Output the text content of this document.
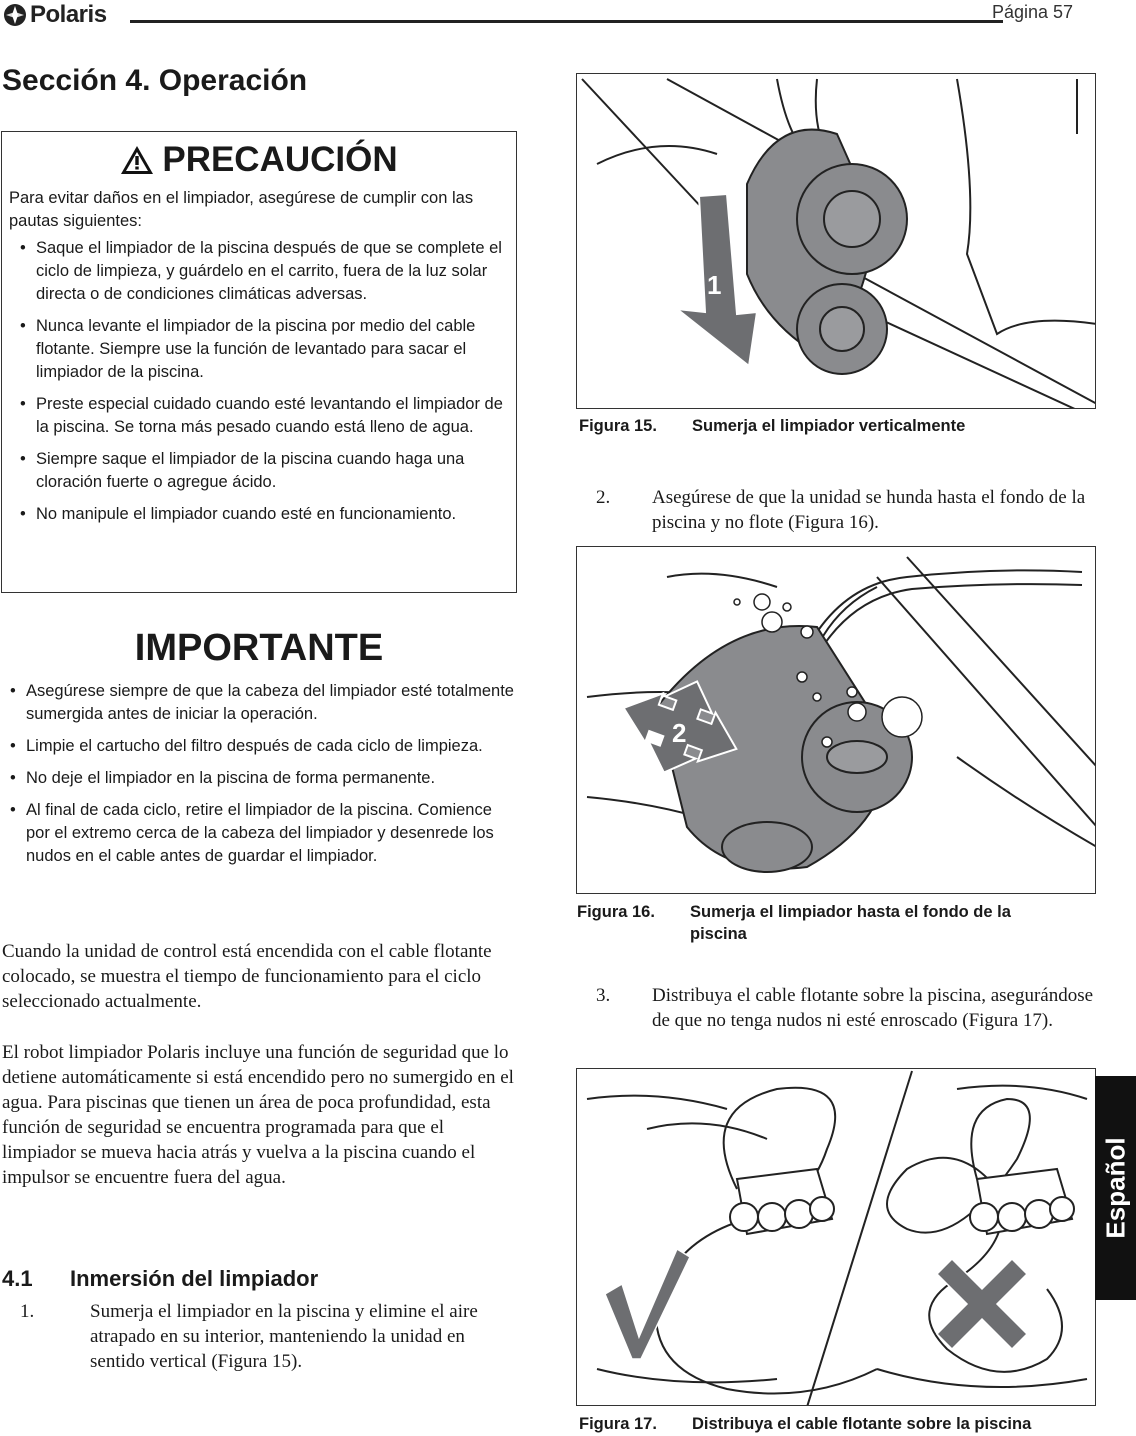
Polaris	Página 57
Sección 4. Operación
PRECAUCIÓN

Para evitar daños en el limpiador, asegúrese de cumplir con las pautas siguientes:

• Saque el limpiador de la piscina después de que se complete el ciclo de limpieza, y guárdelo en el carrito, fuera de la luz solar directa o de condiciones climáticas adversas.
• Nunca levante el limpiador de la piscina por medio del cable flotante. Siempre use la función de levantado para sacar el limpiador de la piscina.
• Preste especial cuidado cuando esté levantando el limpiador de la piscina. Se torna más pesado cuando está lleno de agua.
• Siempre saque el limpiador de la piscina cuando haga una cloración fuerte o agregue ácido.
• No manipule el limpiador cuando esté en funcionamiento.
IMPORTANTE
• Asegúrese siempre de que la cabeza del limpiador esté totalmente sumergida antes de iniciar la operación.
• Limpie el cartucho del filtro después de cada ciclo de limpieza.
• No deje el limpiador en la piscina de forma permanente.
• Al final de cada ciclo, retire el limpiador de la piscina. Comience por el extremo cerca de la cabeza del limpiador y desenrede los nudos en el cable antes de guardar el limpiador.

Cuando la unidad de control está encendida con el cable flotante colocado, se muestra el tiempo de funcionamiento para el ciclo seleccionado actualmente.

El robot limpiador Polaris incluye una función de seguridad que lo detiene automáticamente si está encendido pero no sumergido en el agua. Para piscinas que tienen un área de poca profundidad, esta función de seguridad se encuentra programada para que el limpiador se mueva hacia atrás y vuelva a la piscina cuando el impulsor se encuentre fuera del agua.

4.1 Inmersión del limpiador
1.	Sumerja el limpiador en la piscina y elimine el aire atrapado en su interior, manteniendo la unidad en sentido vertical (Figura 15).
1
Figura 15.	Sumerja el limpiador verticalmente
2.	Asegúrese de que la unidad se hunda hasta el fondo de la piscina y no flote (Figura 16).
2
Figura 16.	Sumerja el limpiador hasta el fondo de la piscina
3.	Distribuya el cable flotante sobre la piscina, asegurándose de que no tenga nudos ni esté enroscado (Figura 17).
Figura 17.	Distribuya el cable flotante sobre la piscina
Español
